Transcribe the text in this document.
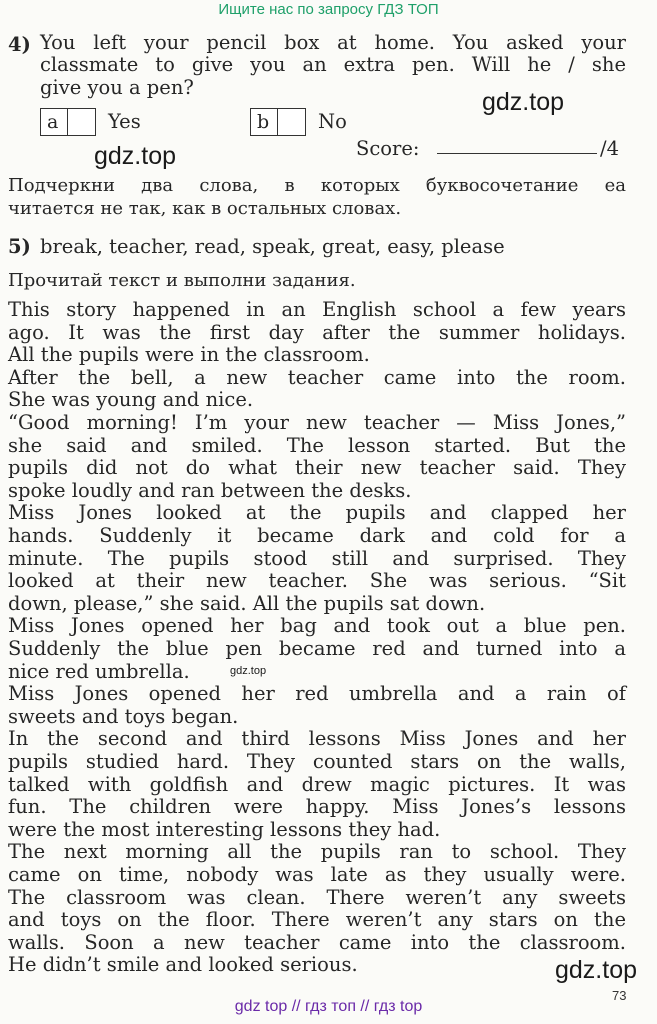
Ищите нас по запросу ГДЗ ТОП
4) You left your pencil box at home. You asked your
classmate to give you an extra pen. Will he / she
give you a pen?
a	Yes	b	No
Score:	/4
gdz.top
gdz.top
Подчеркни два слова, в которых буквосочетание ea
читается не так, как в остальных словах.
5) break, teacher, read, speak, great, easy, please
Прочитай текст и выполни задания.
This story happened in an English school a few years
ago. It was the first day after the summer holidays.
All the pupils were in the classroom.
After the bell, a new teacher came into the room.
She was young and nice.
“Good morning! I’m your new teacher — Miss Jones,”
she said and smiled. The lesson started. But the
pupils did not do what their new teacher said. They
spoke loudly and ran between the desks.
Miss Jones looked at the pupils and clapped her
hands. Suddenly it became dark and cold for a
minute. The pupils stood still and surprised. They
looked at their new teacher. She was serious. “Sit
down, please,” she said. All the pupils sat down.
Miss Jones opened her bag and took out a blue pen.
Suddenly the blue pen became red and turned into a
nice red umbrella.
Miss Jones opened her red umbrella and a rain of
sweets and toys began.
In the second and third lessons Miss Jones and her
pupils studied hard. They counted stars on the walls,
talked with goldfish and drew magic pictures. It was
fun. The children were happy. Miss Jones’s lessons
were the most interesting lessons they had.
The next morning all the pupils ran to school. They
came on time, nobody was late as they usually were.
The classroom was clean. There weren’t any sweets
and toys on the floor. There weren’t any stars on the
walls. Soon a new teacher came into the classroom.
He didn’t smile and looked serious.
gdz.top
gdz.top
73
gdz top // гдз топ // гдз top
